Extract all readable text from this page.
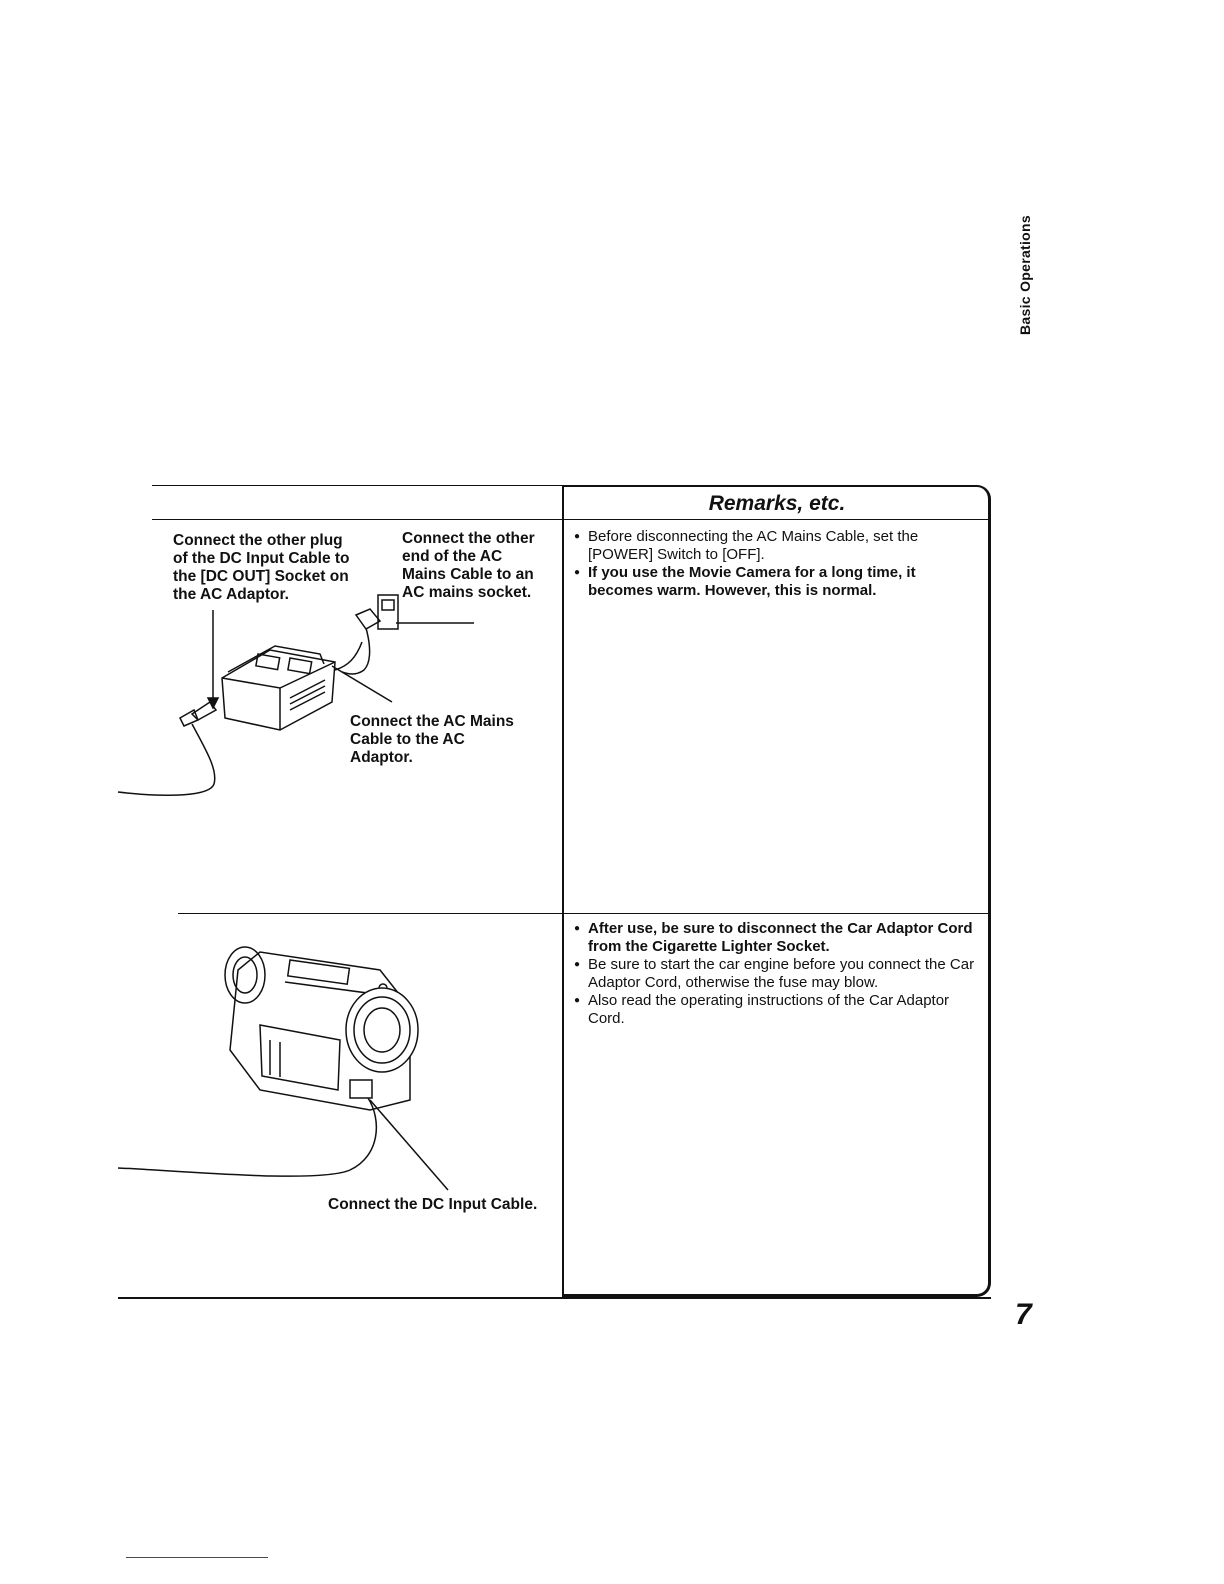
Basic Operations
Remarks, etc.
Connect the other plug
of the DC Input Cable to
the [DC OUT] Socket on
the AC Adaptor.
Connect the other
end of the AC
Mains Cable to an
AC mains socket.
Connect the AC Mains
Cable to the AC
Adaptor.
● Before disconnecting the AC Mains Cable, set the [POWER] Switch to [OFF].
● If you use the Movie Camera for a long time, it becomes warm. However, this is normal.
Connect the DC Input Cable.
● After use, be sure to disconnect the Car Adaptor Cord from the Cigarette Lighter Socket.
● Be sure to start the car engine before you connect the Car Adaptor Cord, otherwise the fuse may blow.
● Also read the operating instructions of the Car Adaptor Cord.
7
